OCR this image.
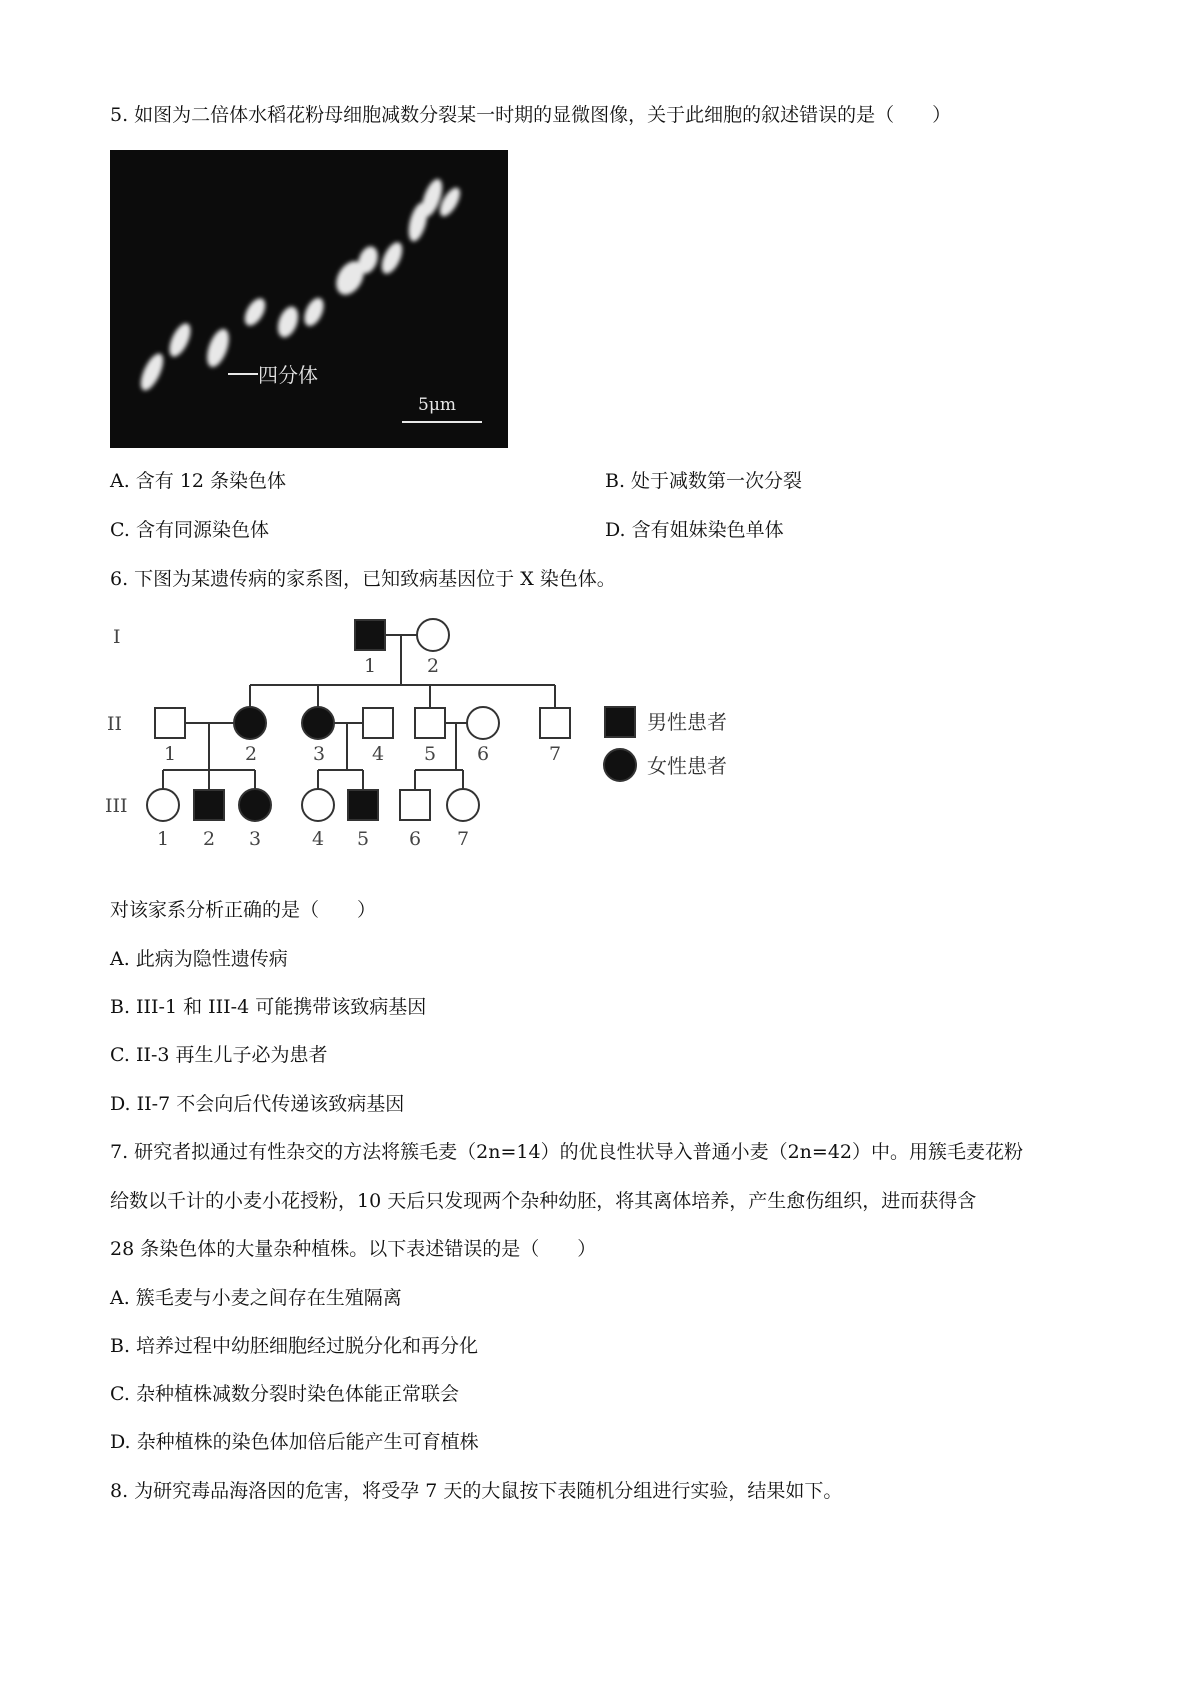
5. 如图为二倍体水稻花粉母细胞减数分裂某一时期的显微图像，关于此细胞的叙述错误的是（　　）
四分体
5μm
A. 含有 12 条染色体	B. 处于减数第一次分裂
C. 含有同源染色体	D. 含有姐妹染色单体
6. 下图为某遗传病的家系图，已知致病基因位于 X 染色体。
I
II
III
1	2
1	2	3 4 5 6	7
1 2 3	4 5 6 7
男性患者
女性患者
对该家系分析正确的是（　　）
A. 此病为隐性遗传病
B. III-1 和 III-4 可能携带该致病基因
C. II-3 再生儿子必为患者
D. II-7 不会向后代传递该致病基因
7. 研究者拟通过有性杂交的方法将簇毛麦（2n=14）的优良性状导入普通小麦（2n=42）中。用簇毛麦花粉
给数以千计的小麦小花授粉，10 天后只发现两个杂种幼胚，将其离体培养，产生愈伤组织，进而获得含
28 条染色体的大量杂种植株。以下表述错误的是（　　）
A. 簇毛麦与小麦之间存在生殖隔离
B. 培养过程中幼胚细胞经过脱分化和再分化
C. 杂种植株减数分裂时染色体能正常联会
D. 杂种植株的染色体加倍后能产生可育植株
8. 为研究毒品海洛因的危害，将受孕 7 天的大鼠按下表随机分组进行实验，结果如下。
